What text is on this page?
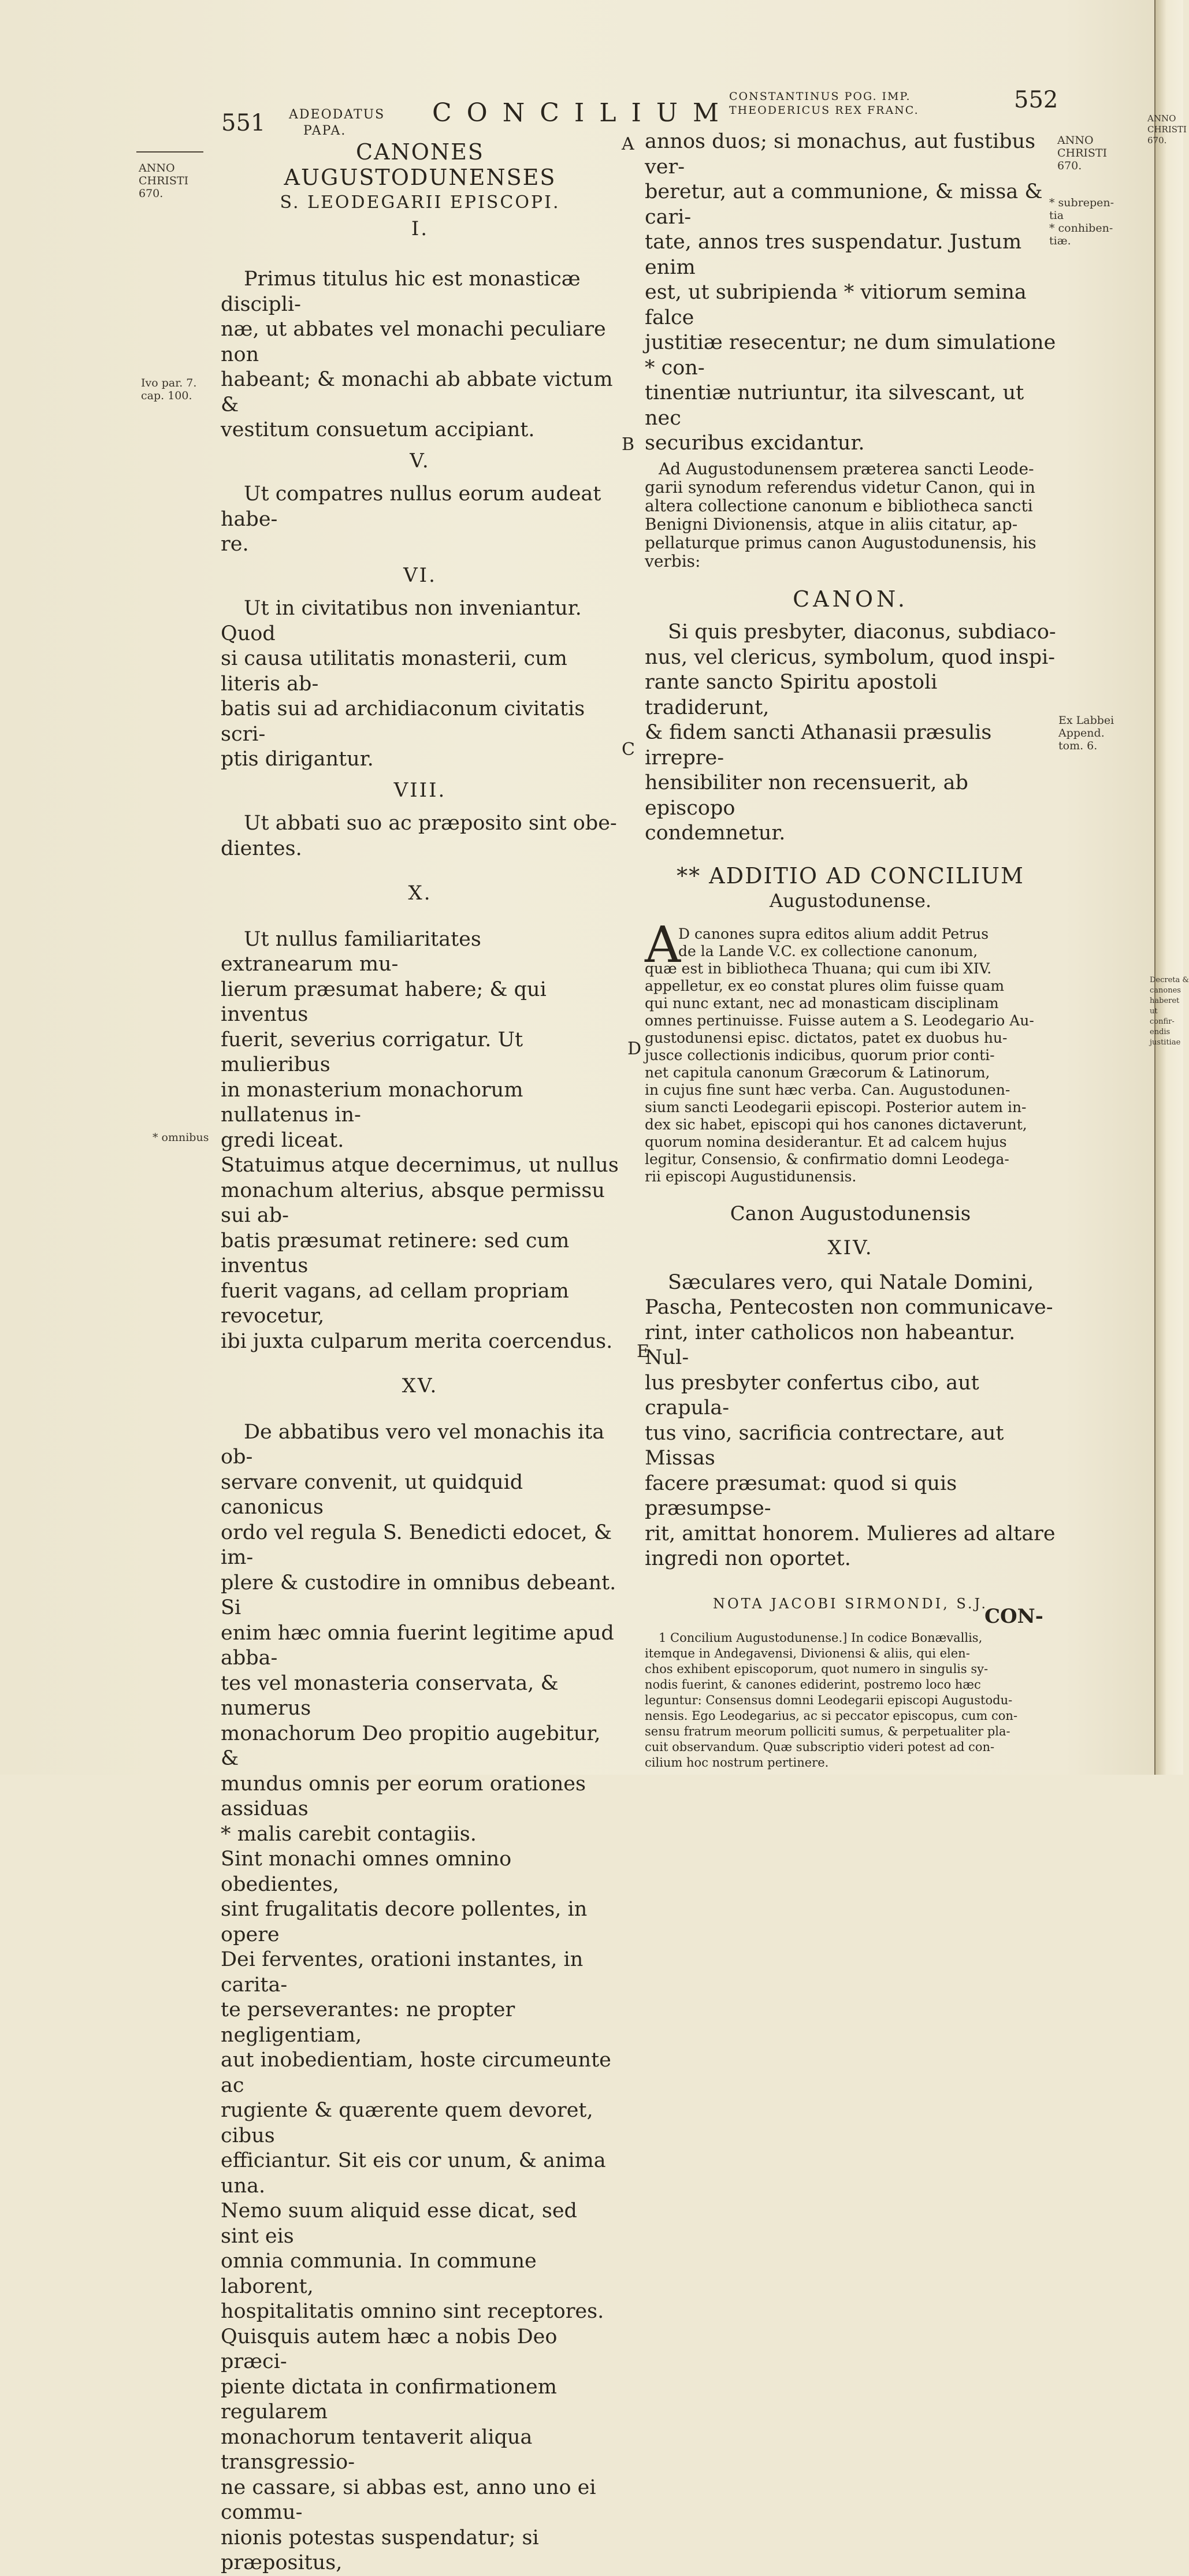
551 ADEODATUS
PAPA.
CONCILIUM
CONSTANTINUS POG. IMP.
THEODERICUS REX FRANC.	552
ANNO
CHRISTI
670.
Ivo par. 7.
cap. 100.
* omnibus
ANNO
CHRISTI
670.
* subrepen-
tia
* conhiben-
tiæ.
Ex Labbei
Append.
tom. 6.
A
B
C
D
E
CANONES AUGUSTODUNENSES
S. LEODEGARII EPISCOPI.
I.
Primus titulus hic est monasticæ discipli-
næ, ut abbates vel monachi peculiare non
habeant; & monachi ab abbate victum &
vestitum consuetum accipiant.
V.
Ut compatres nullus eorum audeat habe-
re.
VI.
Ut in civitatibus non inveniantur. Quod
si causa utilitatis monasterii, cum literis ab-
batis sui ad archidiaconum civitatis scri-
ptis dirigantur.
VIII.
Ut abbati suo ac præposito sint obe-
dientes.
X.
Ut nullus familiaritates extranearum mu-
lierum præsumat habere; & qui inventus
fuerit, severius corrigatur. Ut mulieribus
in monasterium monachorum nullatenus in-
gredi liceat.
Statuimus atque decernimus, ut nullus
monachum alterius, absque permissu sui ab-
batis præsumat retinere: sed cum inventus
fuerit vagans, ad cellam propriam revocetur,
ibi juxta culparum merita coercendus.
XV.
De abbatibus vero vel monachis ita ob-
servare convenit, ut quidquid canonicus
ordo vel regula S. Benedicti edocet, & im-
plere & custodire in omnibus debeant. Si
enim hæc omnia fuerint legitime apud abba-
tes vel monasteria conservata, & numerus
monachorum Deo propitio augebitur, &
mundus omnis per eorum orationes assiduas
* malis carebit contagiis.
Sint monachi omnes omnino obedientes,
sint frugalitatis decore pollentes, in opere
Dei ferventes, orationi instantes, in carita-
te perseverantes: ne propter negligentiam,
aut inobedientiam, hoste circumeunte ac
rugiente & quærente quem devoret, cibus
efficiantur. Sit eis cor unum, & anima una.
Nemo suum aliquid esse dicat, sed sint eis
omnia communia. In commune laborent,
hospitalitatis omnino sint receptores.
Quisquis autem hæc a nobis Deo præci-
piente dictata in confirmationem regularem
monachorum tentaverit aliqua transgressio-
ne cassare, si abbas est, anno uno ei commu-
nionis potestas suspendatur; si præpositus,
annos duos; si monachus, aut fustibus ver-
beretur, aut a communione, & missa & cari-
tate, annos tres suspendatur. Justum enim
est, ut subripienda * vitiorum semina falce
justitiæ resecentur; ne dum simulatione * con-
tinentiæ nutriuntur, ita silvescant, ut nec
securibus excidantur.
Ad Augustodunensem præterea sancti Leode-
garii synodum referendus videtur Canon, qui in
altera collectione canonum e bibliotheca sancti
Benigni Divionensis, atque in aliis citatur, ap-
pellaturque primus canon Augustodunensis, his
verbis:
CANON.
Si quis presbyter, diaconus, subdiaco-
nus, vel clericus, symbolum, quod inspi-
rante sancto Spiritu apostoli tradiderunt,
& fidem sancti Athanasii præsulis irrepre-
hensibiliter non recensuerit, ab episcopo
condemnetur.
** ADDITIO AD CONCILIUM
Augustodunense.
A
D canones supra editos alium addit Petrus
de la Lande V.C. ex collectione canonum,
quæ est in bibliotheca Thuana; qui cum ibi XIV.
appelletur, ex eo constat plures olim fuisse quam
qui nunc extant, nec ad monasticam disciplinam
omnes pertinuisse. Fuisse autem a S. Leodegario Au-
gustodunensi episc. dictatos, patet ex duobus hu-
jusce collectionis indicibus, quorum prior conti-
net capitula canonum Græcorum & Latinorum,
in cujus fine sunt hæc verba. Can. Augustodunen-
sium sancti Leodegarii episcopi. Posterior autem in-
dex sic habet, episcopi qui hos canones dictaverunt,
quorum nomina desiderantur. Et ad calcem hujus
legitur, Consensio, & confirmatio domni Leodega-
rii episcopi Augustidunensis.
Canon Augustodunensis
XIV.
Sæculares vero, qui Natale Domini,
Pascha, Pentecosten non communicave-
rint, inter catholicos non habeantur. Nul-
lus presbyter confertus cibo, aut crapula-
tus vino, sacrificia contrectare, aut Missas
facere præsumat: quod si quis præsumpse-
rit, amittat honorem. Mulieres ad altare
ingredi non oportet.
NOTA JACOBI SIRMONDI, S.J.
1 Concilium Augustodunense.] In codice Bonævallis,
itemque in Andegavensi, Divionensi & aliis, qui elen-
chos exhibent episcoporum, quot numero in singulis sy-
nodis fuerint, & canones ediderint, postremo loco hæc
leguntur: Consensus domni Leodegarii episcopi Augustodu-
nensis. Ego Leodegarius, ac si peccator episcopus, cum con-
sensu fratrum meorum polliciti sumus, & perpetualiter pla-
cuit observandum. Quæ subscriptio videri potest ad con-
cilium hoc nostrum pertinere.
CON-
ANNO
CHRISTI
670.
Decreta &
canones
haberet
ut
confir-
endis
justitiae
